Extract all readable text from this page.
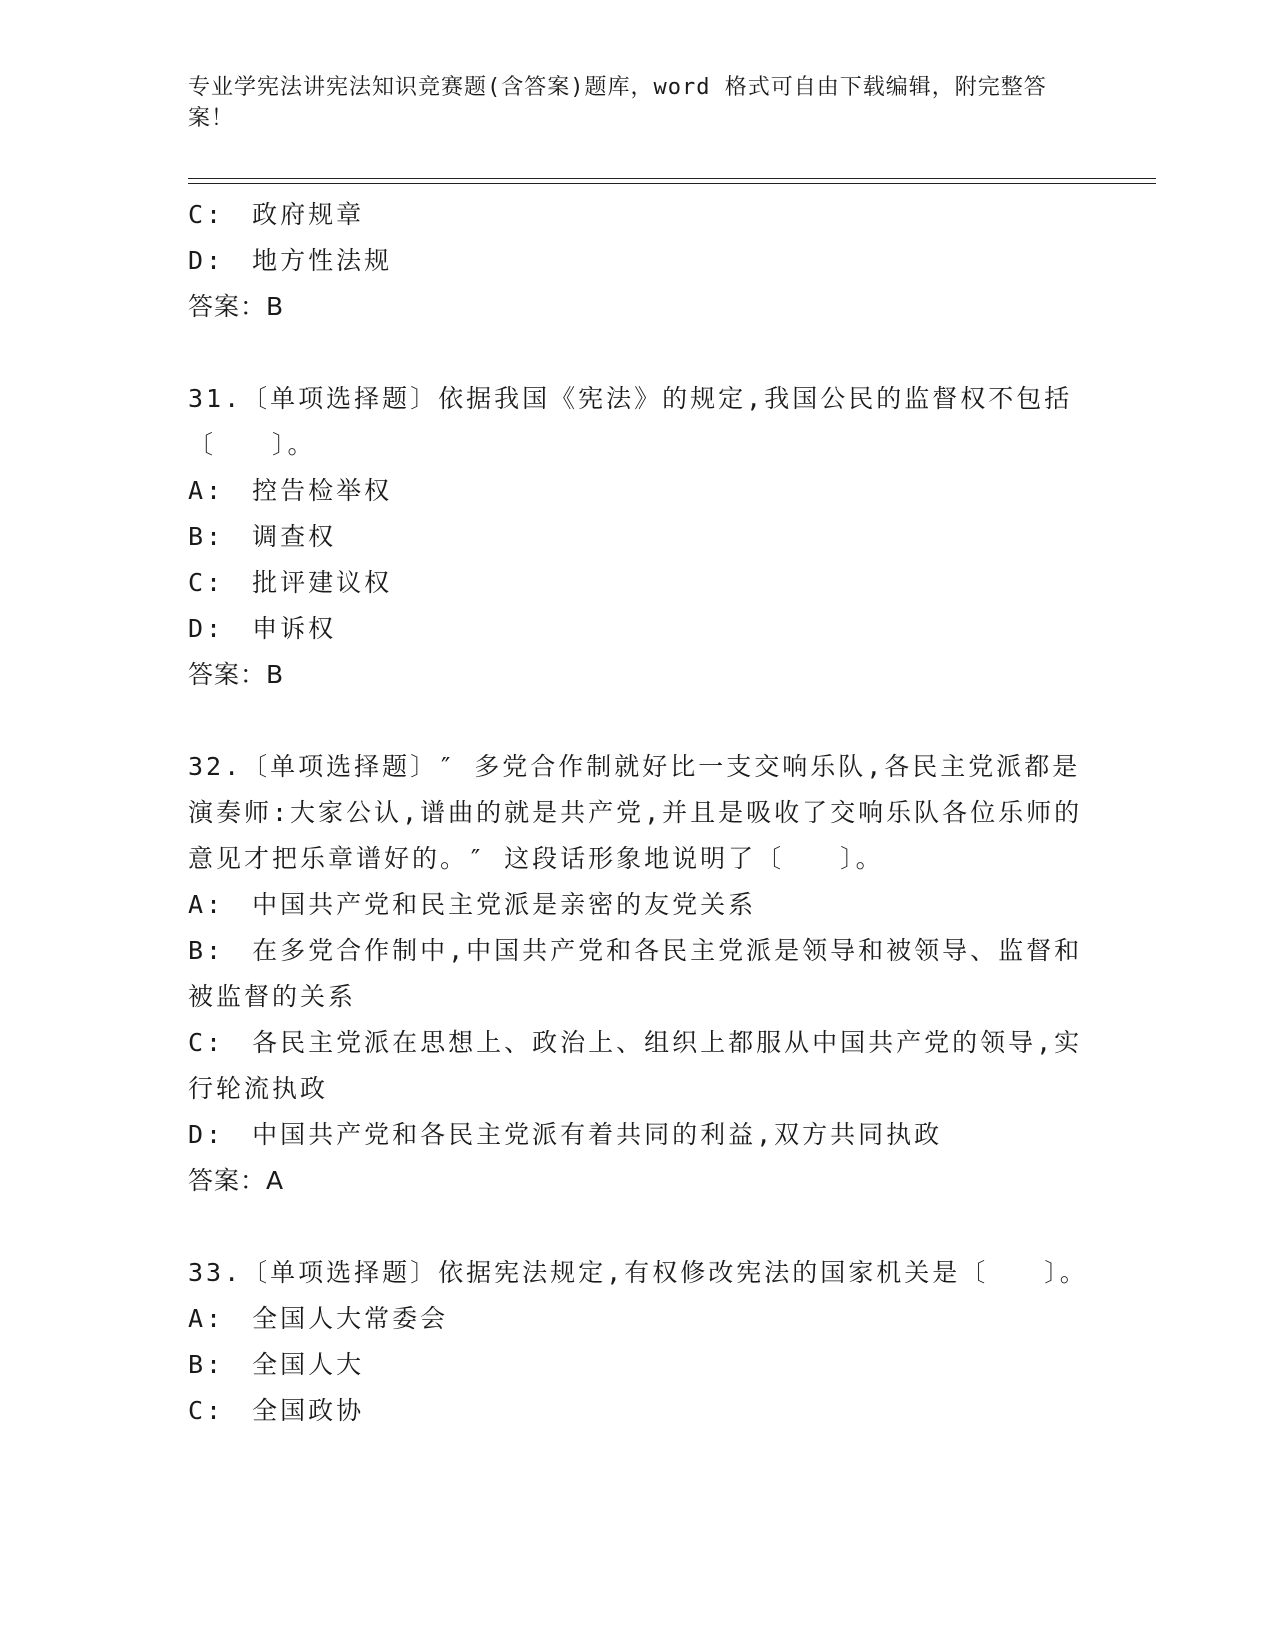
专业学宪法讲宪法知识竞赛题(含答案)题库，word 格式可自由下载编辑，附完整答案！
C:　政府规章
D:　地方性法规
答案：B
31.〔单项选择题〕依据我国《宪法》的规定,我国公民的监督权不包括〔　　〕。
A:　控告检举权
B:　调查权
C:　批评建议权
D:　申诉权
答案：B
32.〔单项选择题〕″ 多党合作制就好比一支交响乐队,各民主党派都是演奏师:大家公认,谱曲的就是共产党,并且是吸收了交响乐队各位乐师的意见才把乐章谱好的。″ 这段话形象地说明了〔　　〕。
A:　中国共产党和民主党派是亲密的友党关系
B:　在多党合作制中,中国共产党和各民主党派是领导和被领导、监督和被监督的关系
C:　各民主党派在思想上、政治上、组织上都服从中国共产党的领导,实行轮流执政
D:　中国共产党和各民主党派有着共同的利益,双方共同执政
答案：A
33.〔单项选择题〕依据宪法规定,有权修改宪法的国家机关是〔　　〕。
A:　全国人大常委会
B:　全国人大
C:　全国政协
